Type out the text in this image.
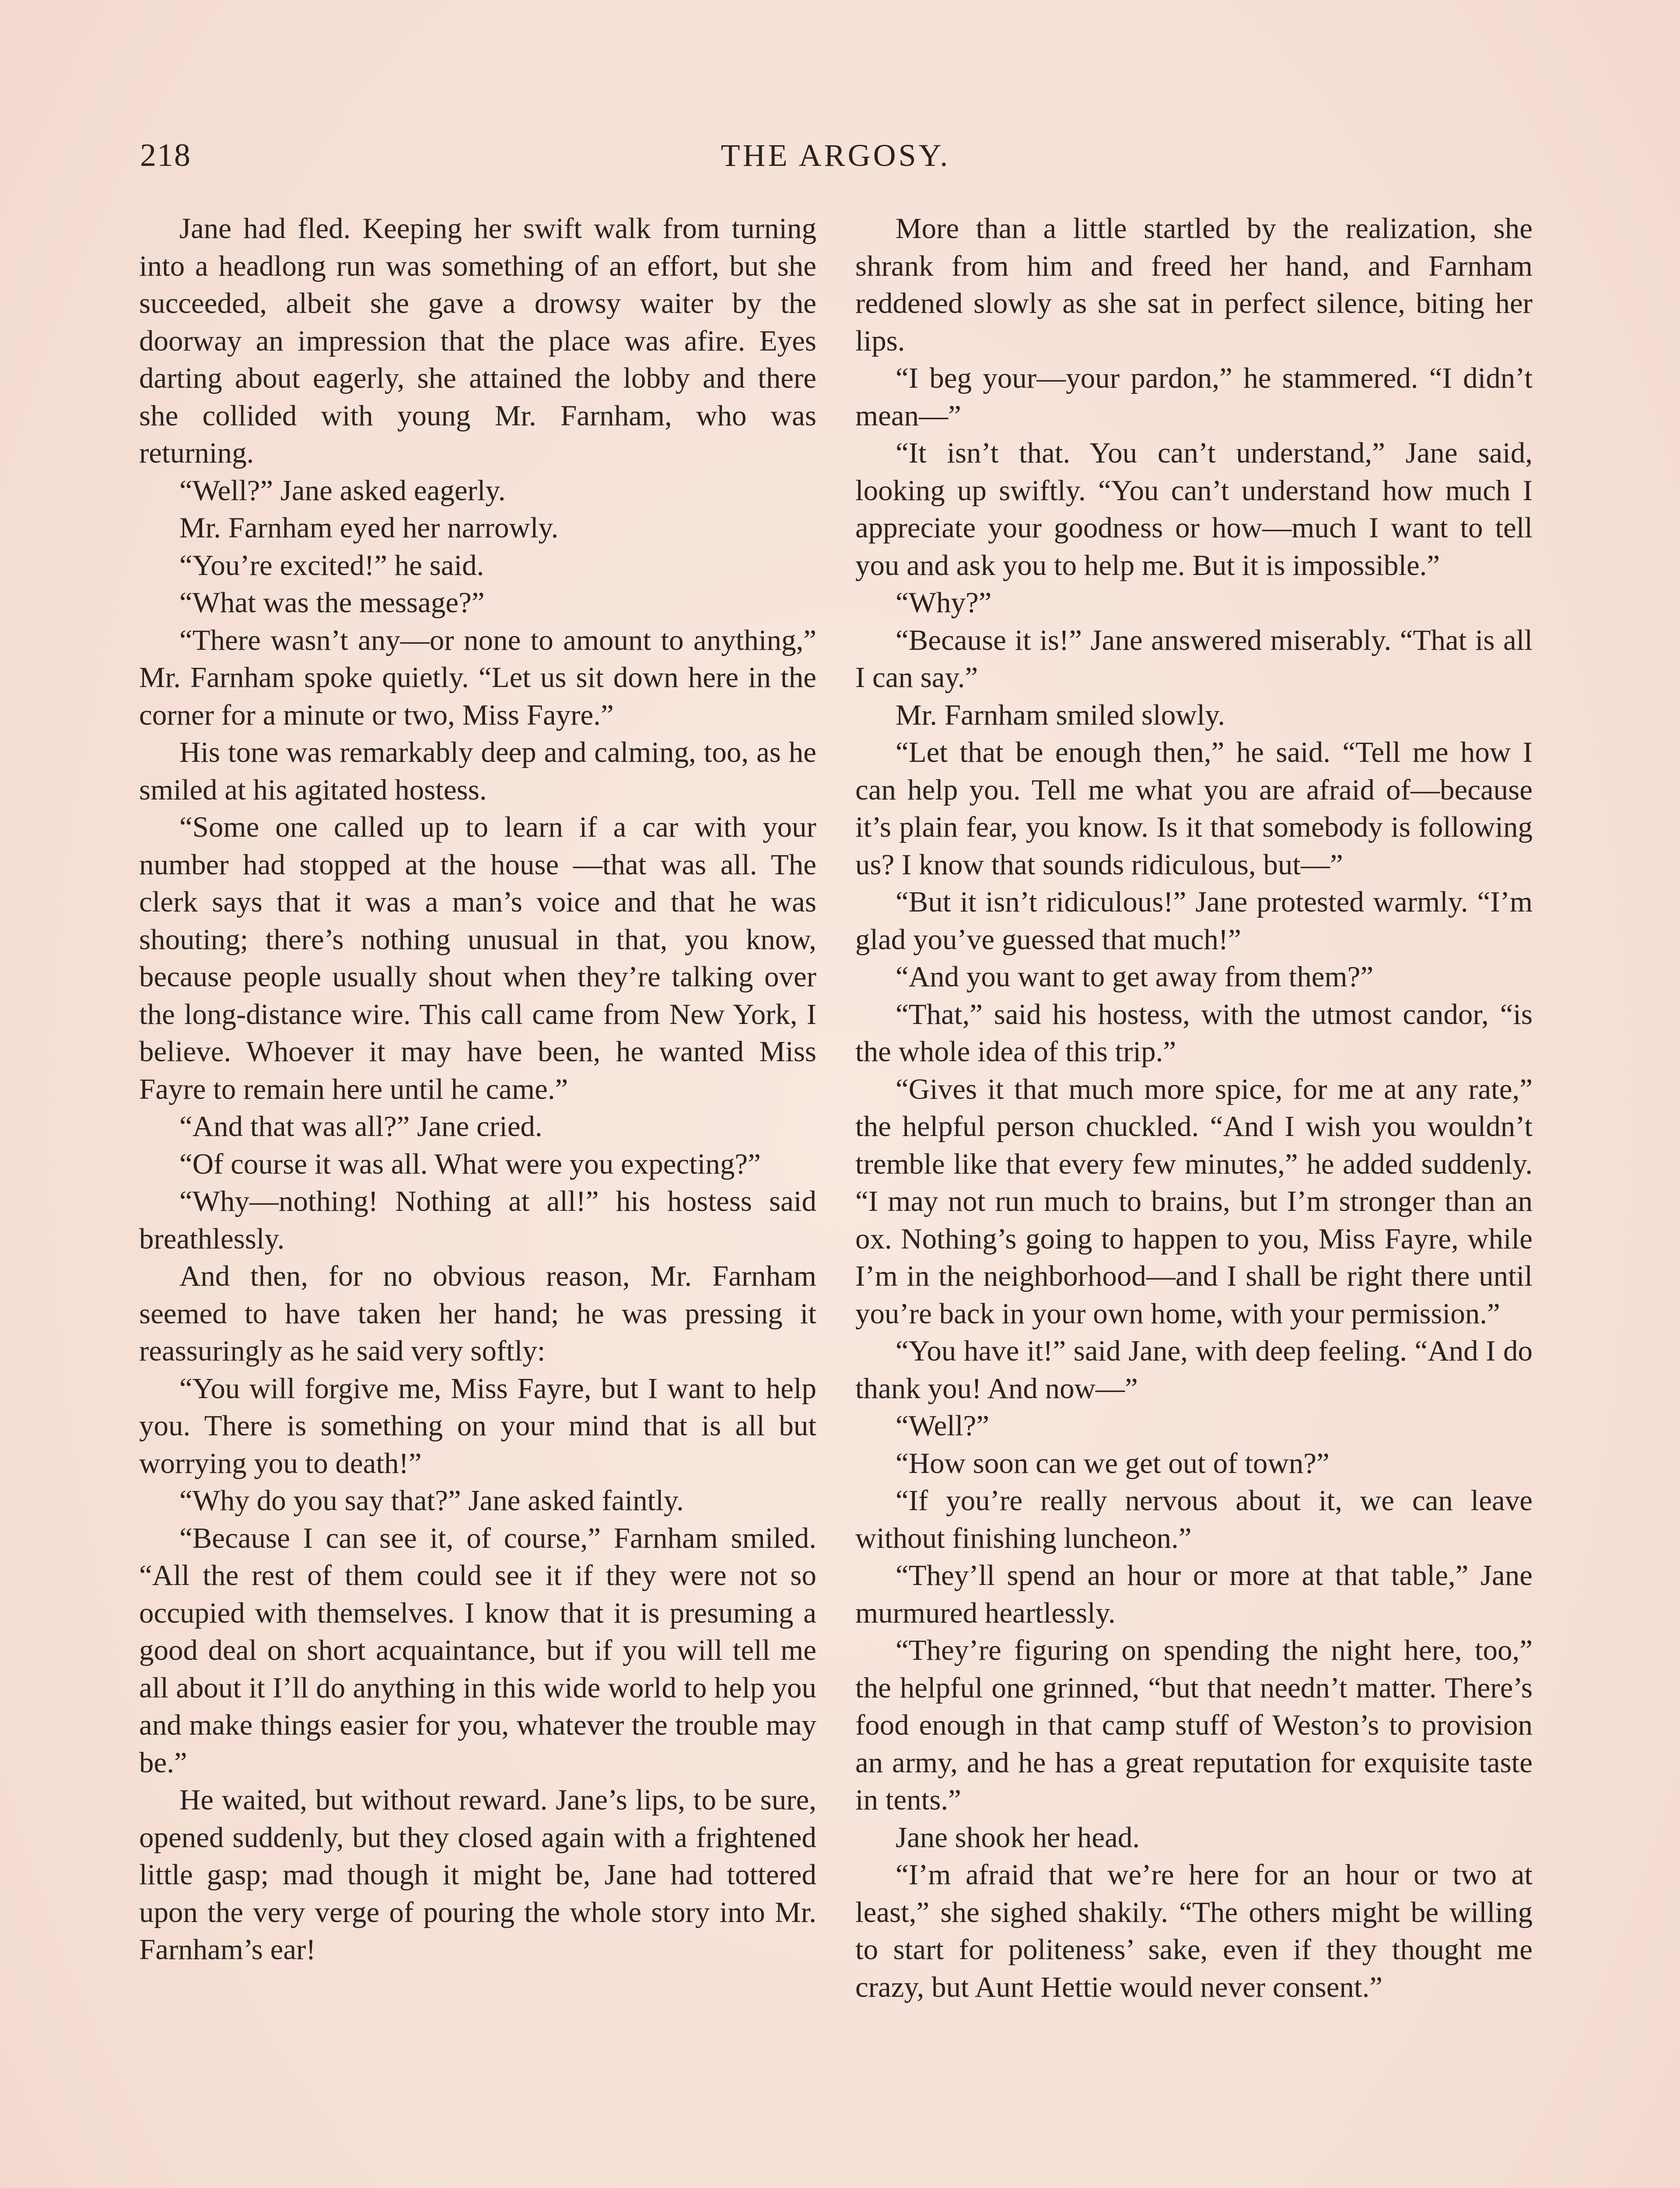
218	THE ARGOSY.

Jane had fled. Keeping her swift walk from turning into a headlong run was something of an effort, but she succeeded, albeit she gave a drowsy waiter by the doorway an impression that the place was afire. Eyes darting about eagerly, she attained the lobby and there she collided with young Mr. Farnham, who was returning.

“Well?” Jane asked eagerly.

Mr. Farnham eyed her narrowly.

“You’re excited!” he said.

“What was the message?”

“There wasn’t any—or none to amount to anything,” Mr. Farnham spoke quietly. “Let us sit down here in the corner for a minute or two, Miss Fayre.”

His tone was remarkably deep and calming, too, as he smiled at his agitated hostess.

“Some one called up to learn if a car with your number had stopped at the house —that was all. The clerk says that it was a man’s voice and that he was shouting; there’s nothing unusual in that, you know, because people usually shout when they’re talking over the long-distance wire. This call came from New York, I believe. Whoever it may have been, he wanted Miss Fayre to remain here until he came.”

“And that was all?” Jane cried.

“Of course it was all. What were you expecting?”

“Why—nothing! Nothing at all!” his hostess said breathlessly.

And then, for no obvious reason, Mr. Farnham seemed to have taken her hand; he was pressing it reassuringly as he said very softly:

“You will forgive me, Miss Fayre, but I want to help you. There is something on your mind that is all but worrying you to death!”

“Why do you say that?” Jane asked faintly.

“Because I can see it, of course,” Farnham smiled. “All the rest of them could see it if they were not so occupied with themselves. I know that it is presuming a good deal on short acquaintance, but if you will tell me all about it I’ll do anything in this wide world to help you and make things easier for you, whatever the trouble may be.”

He waited, but without reward. Jane’s lips, to be sure, opened suddenly, but they closed again with a frightened little gasp; mad though it might be, Jane had tottered upon the very verge of pouring the whole story into Mr. Farnham’s ear!

More than a little startled by the realization, she shrank from him and freed her hand, and Farnham reddened slowly as she sat in perfect silence, biting her lips.

“I beg your—your pardon,” he stammered. “I didn’t mean—”

“It isn’t that. You can’t understand,” Jane said, looking up swiftly. “You can’t understand how much I appreciate your goodness or how—much I want to tell you and ask you to help me. But it is impossible.”

“Why?”

“Because it is!” Jane answered miserably. “That is all I can say.”

Mr. Farnham smiled slowly.

“Let that be enough then,” he said. “Tell me how I can help you. Tell me what you are afraid of—because it’s plain fear, you know. Is it that somebody is following us? I know that sounds ridiculous, but—”

“But it isn’t ridiculous!” Jane protested warmly. “I’m glad you’ve guessed that much!”

“And you want to get away from them?”

“That,” said his hostess, with the utmost candor, “is the whole idea of this trip.”

“Gives it that much more spice, for me at any rate,” the helpful person chuckled. “And I wish you wouldn’t tremble like that every few minutes,” he added suddenly. “I may not run much to brains, but I’m stronger than an ox. Nothing’s going to happen to you, Miss Fayre, while I’m in the neighborhood—and I shall be right there until you’re back in your own home, with your permission.”

“You have it!” said Jane, with deep feeling. “And I do thank you! And now—”

“Well?”

“How soon can we get out of town?”

“If you’re really nervous about it, we can leave without finishing luncheon.”

“They’ll spend an hour or more at that table,” Jane murmured heartlessly.

“They’re figuring on spending the night here, too,” the helpful one grinned, “but that needn’t matter. There’s food enough in that camp stuff of Weston’s to provision an army, and he has a great reputation for exquisite taste in tents.”

Jane shook her head.

“I’m afraid that we’re here for an hour or two at least,” she sighed shakily. “The others might be willing to start for politeness’ sake, even if they thought me crazy, but Aunt Hettie would never consent.”
